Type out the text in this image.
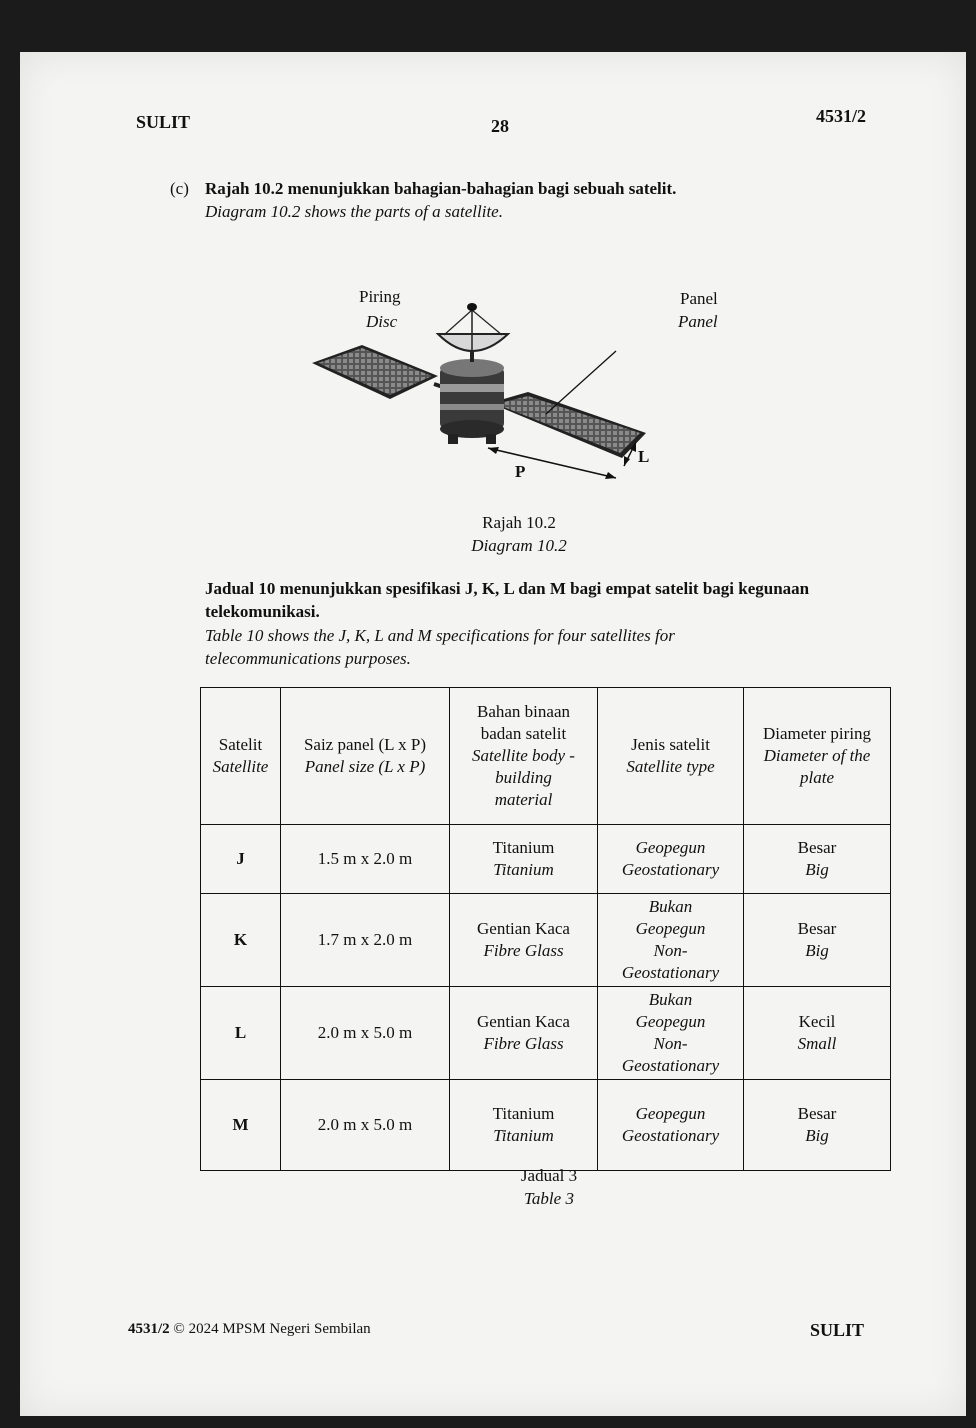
SULIT	28	4531/2
(c) Rajah 10.2 menunjukkan bahagian-bahagian bagi sebuah satelit.
Diagram 10.2 shows the parts of a satellite.
Piring
Disc
Panel
Panel
L
P
Rajah 10.2
Diagram 10.2
Jadual 10 menunjukkan spesifikasi J, K, L dan M bagi empat satelit bagi kegunaan
telekomunikasi.
Table 10 shows the J, K, L and M specifications for four satellites for
telecommunications purposes.
Satelit
Satellite	Saiz panel (L x P)
Panel size (L x P)	Bahan binaan
badan satelit
Satellite body -
building
material	Jenis satelit
Satellite type	Diameter piring
Diameter of the
plate

J	1.5 m x 2.0 m	Titanium
Titanium	Geopegun
Geostationary	Besar
Big

K	1.7 m x 2.0 m	Gentian Kaca
Fibre Glass	Bukan
Geopegun
Non-
Geostationary	Besar
Big

L	2.0 m x 5.0 m	Gentian Kaca
Fibre Glass	Bukan
Geopegun
Non-
Geostationary	Kecil
Small

M	2.0 m x 5.0 m	Titanium
Titanium	Geopegun
Geostationary	Besar
Big
Jadual 3
Table 3
4531/2 © 2024 MPSM Negeri Sembilan	SULIT
